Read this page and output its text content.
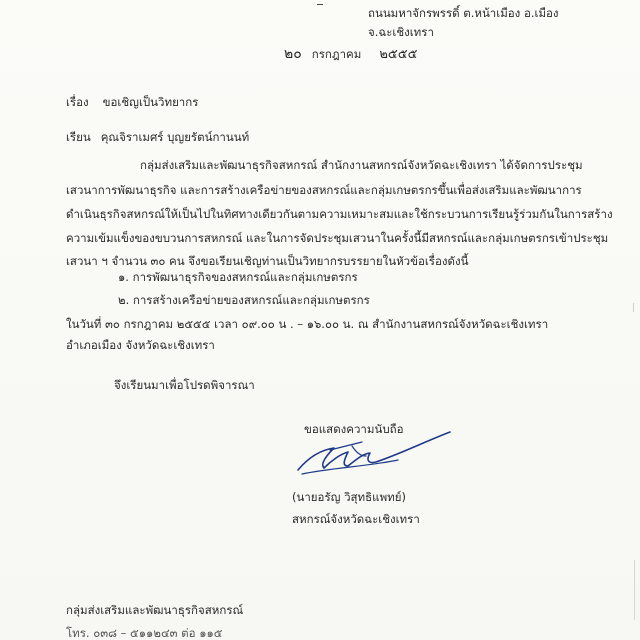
ถนนมหาจักรพรรดิ์ ต.หน้าเมือง อ.เมือง
จ.ฉะเชิงเทรา
๒๐ กรกฎาคม ๒๕๕๕
เรื่อง ขอเชิญเป็นวิทยากร
เรียน คุณจิราเมศร์ บุญยรัตน์กานนท์
กลุ่มส่งเสริมและพัฒนาธุรกิจสหกรณ์ สำนักงานสหกรณ์จังหวัดฉะเชิงเทรา ได้จัดการประชุม
เสวนาการพัฒนาธุรกิจ และการสร้างเครือข่ายของสหกรณ์และกลุ่มเกษตรกรขึ้นเพื่อส่งเสริมและพัฒนาการ
ดำเนินธุรกิจสหกรณ์ให้เป็นไปในทิศทางเดียวกันตามความเหมาะสมและใช้กระบวนการเรียนรู้ร่วมกันในการสร้าง
ความเข้มแข็งของขบวนการสหกรณ์ และในการจัดประชุมเสวนาในครั้งนี้มีสหกรณ์และกลุ่มเกษตรกรเข้าประชุม
เสวนา ฯ จำนวน ๓๐ คน จึงขอเรียนเชิญท่านเป็นวิทยากรบรรยายในหัวข้อเรื่องดังนี้
๑. การพัฒนาธุรกิจของสหกรณ์และกลุ่มเกษตรกร
๒. การสร้างเครือข่ายของสหกรณ์และกลุ่มเกษตรกร
ในวันที่ ๓๐ กรกฎาคม ๒๕๕๕ เวลา ๐๙.๐๐ น . – ๑๖.๐๐ น. ณ สำนักงานสหกรณ์จังหวัดฉะเชิงเทรา
อำเภอเมือง จังหวัดฉะเชิงเทรา
จึงเรียนมาเพื่อโปรดพิจารณา
ขอแสดงความนับถือ
(นายอรัญ วิสุทธิแพทย์)
สหกรณ์จังหวัดฉะเชิงเทรา
กลุ่มส่งเสริมและพัฒนาธุรกิจสหกรณ์
โทร. ๐๓๘ – ๕๑๑๒๔๓ ต่อ ๑๑๕
